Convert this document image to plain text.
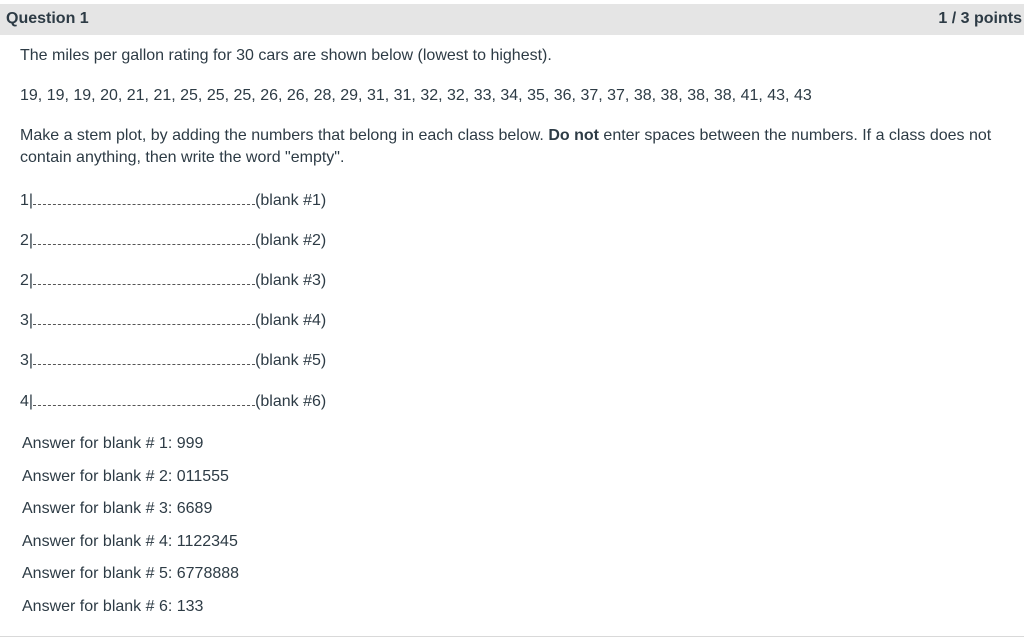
Question 1	1 / 3 points
The miles per gallon rating for 30 cars are shown below (lowest to highest).
19, 19, 19, 20, 21, 21, 25, 25, 25, 26, 26, 28, 29, 31, 31, 32, 32, 33, 34, 35, 36, 37, 37, 38, 38, 38, 38, 41, 43, 43
Make a stem plot, by adding the numbers that belong in each class below. Do not enter spaces between the numbers. If a class does not contain anything, then write the word "empty".
1|	(blank #1)
2|	(blank #2)
2|	(blank #3)
3|	(blank #4)
3|	(blank #5)
4|	(blank #6)
Answer for blank # 1: 999
Answer for blank # 2: 011555
Answer for blank # 3: 6689
Answer for blank # 4: 1122345
Answer for blank # 5: 6778888
Answer for blank # 6: 133
